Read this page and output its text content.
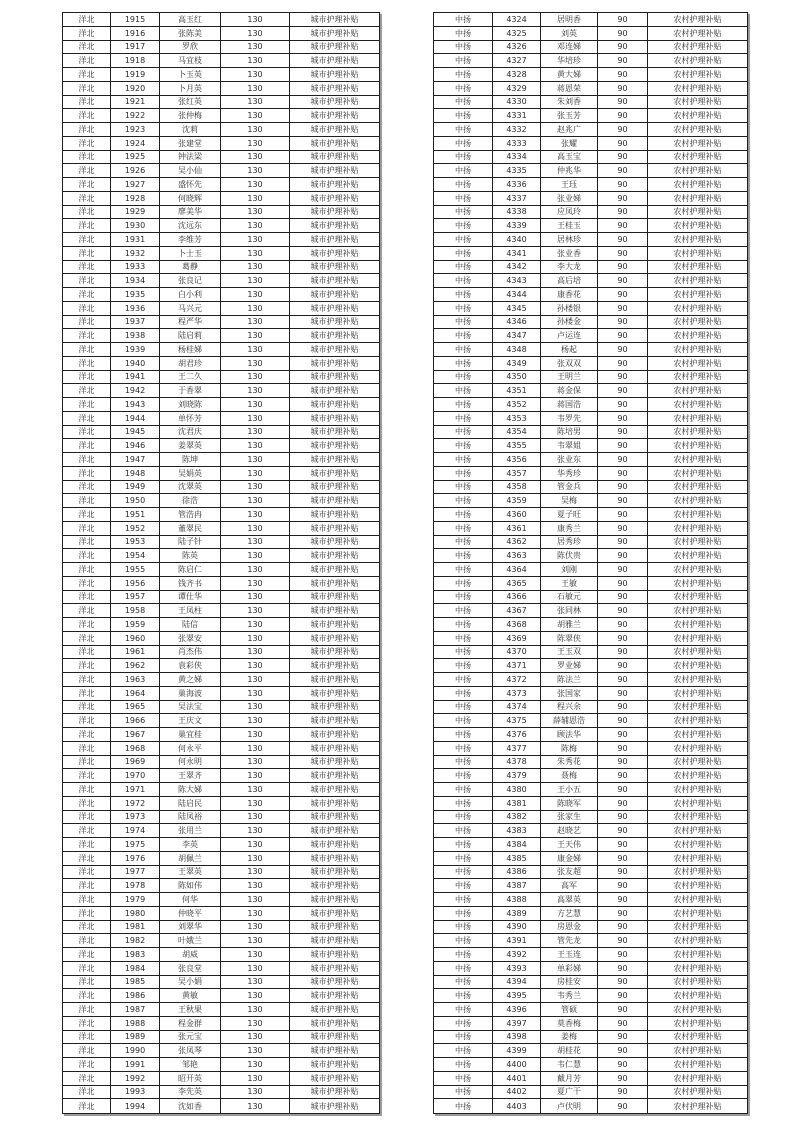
洋北	1915	高玉红	130	城市护理补贴
洋北	1916	张陈美	130	城市护理补贴
洋北	1917	罗欣	130	城市护理补贴
洋北	1918	马宜枝	130	城市护理补贴
洋北	1919	卜玉英	130	城市护理补贴
洋北	1920	卜月英	130	城市护理补贴
洋北	1921	张红英	130	城市护理补贴
洋北	1922	张仲梅	130	城市护理补贴
洋北	1923	沈莉	130	城市护理补贴
洋北	1924	张建堂	130	城市护理补贴
洋北	1925	钟法梁	130	城市护理补贴
洋北	1926	吴小仙	130	城市护理补贴
洋北	1927	盛怀先	130	城市护理补贴
洋北	1928	何晓辉	130	城市护理补贴
洋北	1929	廖美华	130	城市护理补贴
洋北	1930	沈远东	130	城市护理补贴
洋北	1931	李维芳	130	城市护理补贴
洋北	1932	卜士玉	130	城市护理补贴
洋北	1933	葛静	130	城市护理补贴
洋北	1934	张良记	130	城市护理补贴
洋北	1935	白小利	130	城市护理补贴
洋北	1936	马兴元	130	城市护理补贴
洋北	1937	程严华	130	城市护理补贴
洋北	1938	陆启莉	130	城市护理补贴
洋北	1939	杨桂娣	130	城市护理补贴
洋北	1940	胡君珍	130	城市护理补贴
洋北	1941	王二久	130	城市护理补贴
洋北	1942	于香翠	130	城市护理补贴
洋北	1943	刘晓陈	130	城市护理补贴
洋北	1944	单怀芳	130	城市护理补贴
洋北	1945	沈君庆	130	城市护理补贴
洋北	1946	姜翠英	130	城市护理补贴
洋北	1947	陈坤	130	城市护理补贴
洋北	1948	吴娟英	130	城市护理补贴
洋北	1949	沈翠英	130	城市护理补贴
洋北	1950	徐浩	130	城市护理补贴
洋北	1951	管浩冉	130	城市护理补贴
洋北	1952	董翠民	130	城市护理补贴
洋北	1953	陆子针	130	城市护理补贴
洋北	1954	陈英	130	城市护理补贴
洋北	1955	陈启仁	130	城市护理补贴
洋北	1956	钱齐书	130	城市护理补贴
洋北	1957	谭仕华	130	城市护理补贴
洋北	1958	王凤柱	130	城市护理补贴
洋北	1959	陆信	130	城市护理补贴
洋北	1960	张翠安	130	城市护理补贴
洋北	1961	肖杰伟	130	城市护理补贴
洋北	1962	袁彩侠	130	城市护理补贴
洋北	1963	黄之娣	130	城市护理补贴
洋北	1964	巢海波	130	城市护理补贴
洋北	1965	吴法宝	130	城市护理补贴
洋北	1966	王庆文	130	城市护理补贴
洋北	1967	巢宜桂	130	城市护理补贴
洋北	1968	何永平	130	城市护理补贴
洋北	1969	何永明	130	城市护理补贴
洋北	1970	王翠齐	130	城市护理补贴
洋北	1971	陈大娣	130	城市护理补贴
洋北	1972	陆启民	130	城市护理补贴
洋北	1973	陆凤裕	130	城市护理补贴
洋北	1974	张用兰	130	城市护理补贴
洋北	1975	李英	130	城市护理补贴
洋北	1976	胡佩兰	130	城市护理补贴
洋北	1977	王翠英	130	城市护理补贴
洋北	1978	陈如伟	130	城市护理补贴
洋北	1979	何华	130	城市护理补贴
洋北	1980	仲晓平	130	城市护理补贴
洋北	1981	刘翠华	130	城市护理补贴
洋北	1982	叶娥兰	130	城市护理补贴
洋北	1983	胡威	130	城市护理补贴
洋北	1984	张良堂	130	城市护理补贴
洋北	1985	吴小娟	130	城市护理补贴
洋北	1986	黄敏	130	城市护理补贴
洋北	1987	王秋果	130	城市护理补贴
洋北	1988	程金群	130	城市护理补贴
洋北	1989	张元宝	130	城市护理补贴
洋北	1990	张凤琴	130	城市护理补贴
洋北	1991	邹艳	130	城市护理补贴
洋北	1992	昭开英	130	城市护理补贴
洋北	1993	李先英	130	城市护理补贴
洋北	1994	沈如香	130	城市护理补贴
中扬	4324	居明香	90	农村护理补贴
中扬	4325	刘英	90	农村护理补贴
中扬	4326	邓连娣	90	农村护理补贴
中扬	4327	华培珍	90	农村护理补贴
中扬	4328	黄大娣	90	农村护理补贴
中扬	4329	蒋恩荣	90	农村护理补贴
中扬	4330	朱刘香	90	农村护理补贴
中扬	4331	张玉芳	90	农村护理补贴
中扬	4332	赵兆广	90	农村护理补贴
中扬	4333	张耀	90	农村护理补贴
中扬	4334	高玉宝	90	农村护理补贴
中扬	4335	仲兆华	90	农村护理补贴
中扬	4336	王珏	90	农村护理补贴
中扬	4337	张业娣	90	农村护理补贴
中扬	4338	应凤玲	90	农村护理补贴
中扬	4339	王桂玉	90	农村护理补贴
中扬	4340	居林珍	90	农村护理补贴
中扬	4341	张业香	90	农村护理补贴
中扬	4342	李大龙	90	农村护理补贴
中扬	4343	高后培	90	农村护理补贴
中扬	4344	康香花	90	农村护理补贴
中扬	4345	孙楼银	90	农村护理补贴
中扬	4346	孙楼金	90	农村护理补贴
中扬	4347	卢运连	90	农村护理补贴
中扬	4348	杨起	90	农村护理补贴
中扬	4349	张双双	90	农村护理补贴
中扬	4350	王明兰	90	农村护理补贴
中扬	4351	蒋金保	90	农村护理补贴
中扬	4352	蒋国浩	90	农村护理补贴
中扬	4353	韦罗先	90	农村护理补贴
中扬	4354	陈培男	90	农村护理补贴
中扬	4355	韦翠姐	90	农村护理补贴
中扬	4356	张业东	90	农村护理补贴
中扬	4357	华秀珍	90	农村护理补贴
中扬	4358	管金兵	90	农村护理补贴
中扬	4359	吴梅	90	农村护理补贴
中扬	4360	夏子旺	90	农村护理补贴
中扬	4361	康秀兰	90	农村护理补贴
中扬	4362	居秀珍	90	农村护理补贴
中扬	4363	陈伏贵	90	农村护理补贴
中扬	4364	刘刚	90	农村护理补贴
中扬	4365	王敏	90	农村护理补贴
中扬	4366	石敏元	90	农村护理补贴
中扬	4367	张同林	90	农村护理补贴
中扬	4368	胡雅兰	90	农村护理补贴
中扬	4369	陈翠侠	90	农村护理补贴
中扬	4370	王玉双	90	农村护理补贴
中扬	4371	罗业娣	90	农村护理补贴
中扬	4372	陈法兰	90	农村护理补贴
中扬	4373	张国家	90	农村护理补贴
中扬	4374	程兴余	90	农村护理补贴
中扬	4375	薛辅恩浩	90	农村护理补贴
中扬	4376	顾法华	90	农村护理补贴
中扬	4377	陈梅	90	农村护理补贴
中扬	4378	朱秀花	90	农村护理补贴
中扬	4379	聂梅	90	农村护理补贴
中扬	4380	王小五	90	农村护理补贴
中扬	4381	陈晓军	90	农村护理补贴
中扬	4382	张家生	90	农村护理补贴
中扬	4383	赵晓艺	90	农村护理补贴
中扬	4384	王天伟	90	农村护理补贴
中扬	4385	康金娣	90	农村护理补贴
中扬	4386	张友超	90	农村护理补贴
中扬	4387	高军	90	农村护理补贴
中扬	4388	高翠英	90	农村护理补贴
中扬	4389	方艺慧	90	农村护理补贴
中扬	4390	房恩金	90	农村护理补贴
中扬	4391	管先龙	90	农村护理补贴
中扬	4392	王玉连	90	农村护理补贴
中扬	4393	单彩娣	90	农村护理补贴
中扬	4394	房桂安	90	农村护理补贴
中扬	4395	韦秀兰	90	农村护理补贴
中扬	4396	管硕	90	农村护理补贴
中扬	4397	莫香梅	90	农村护理补贴
中扬	4398	姜梅	90	农村护理补贴
中扬	4399	胡桂花	90	农村护理补贴
中扬	4400	韦仁慧	90	农村护理补贴
中扬	4401	戴月芳	90	农村护理补贴
中扬	4402	夏广干	90	农村护理补贴
中扬	4403	卢伏明	90	农村护理补贴
